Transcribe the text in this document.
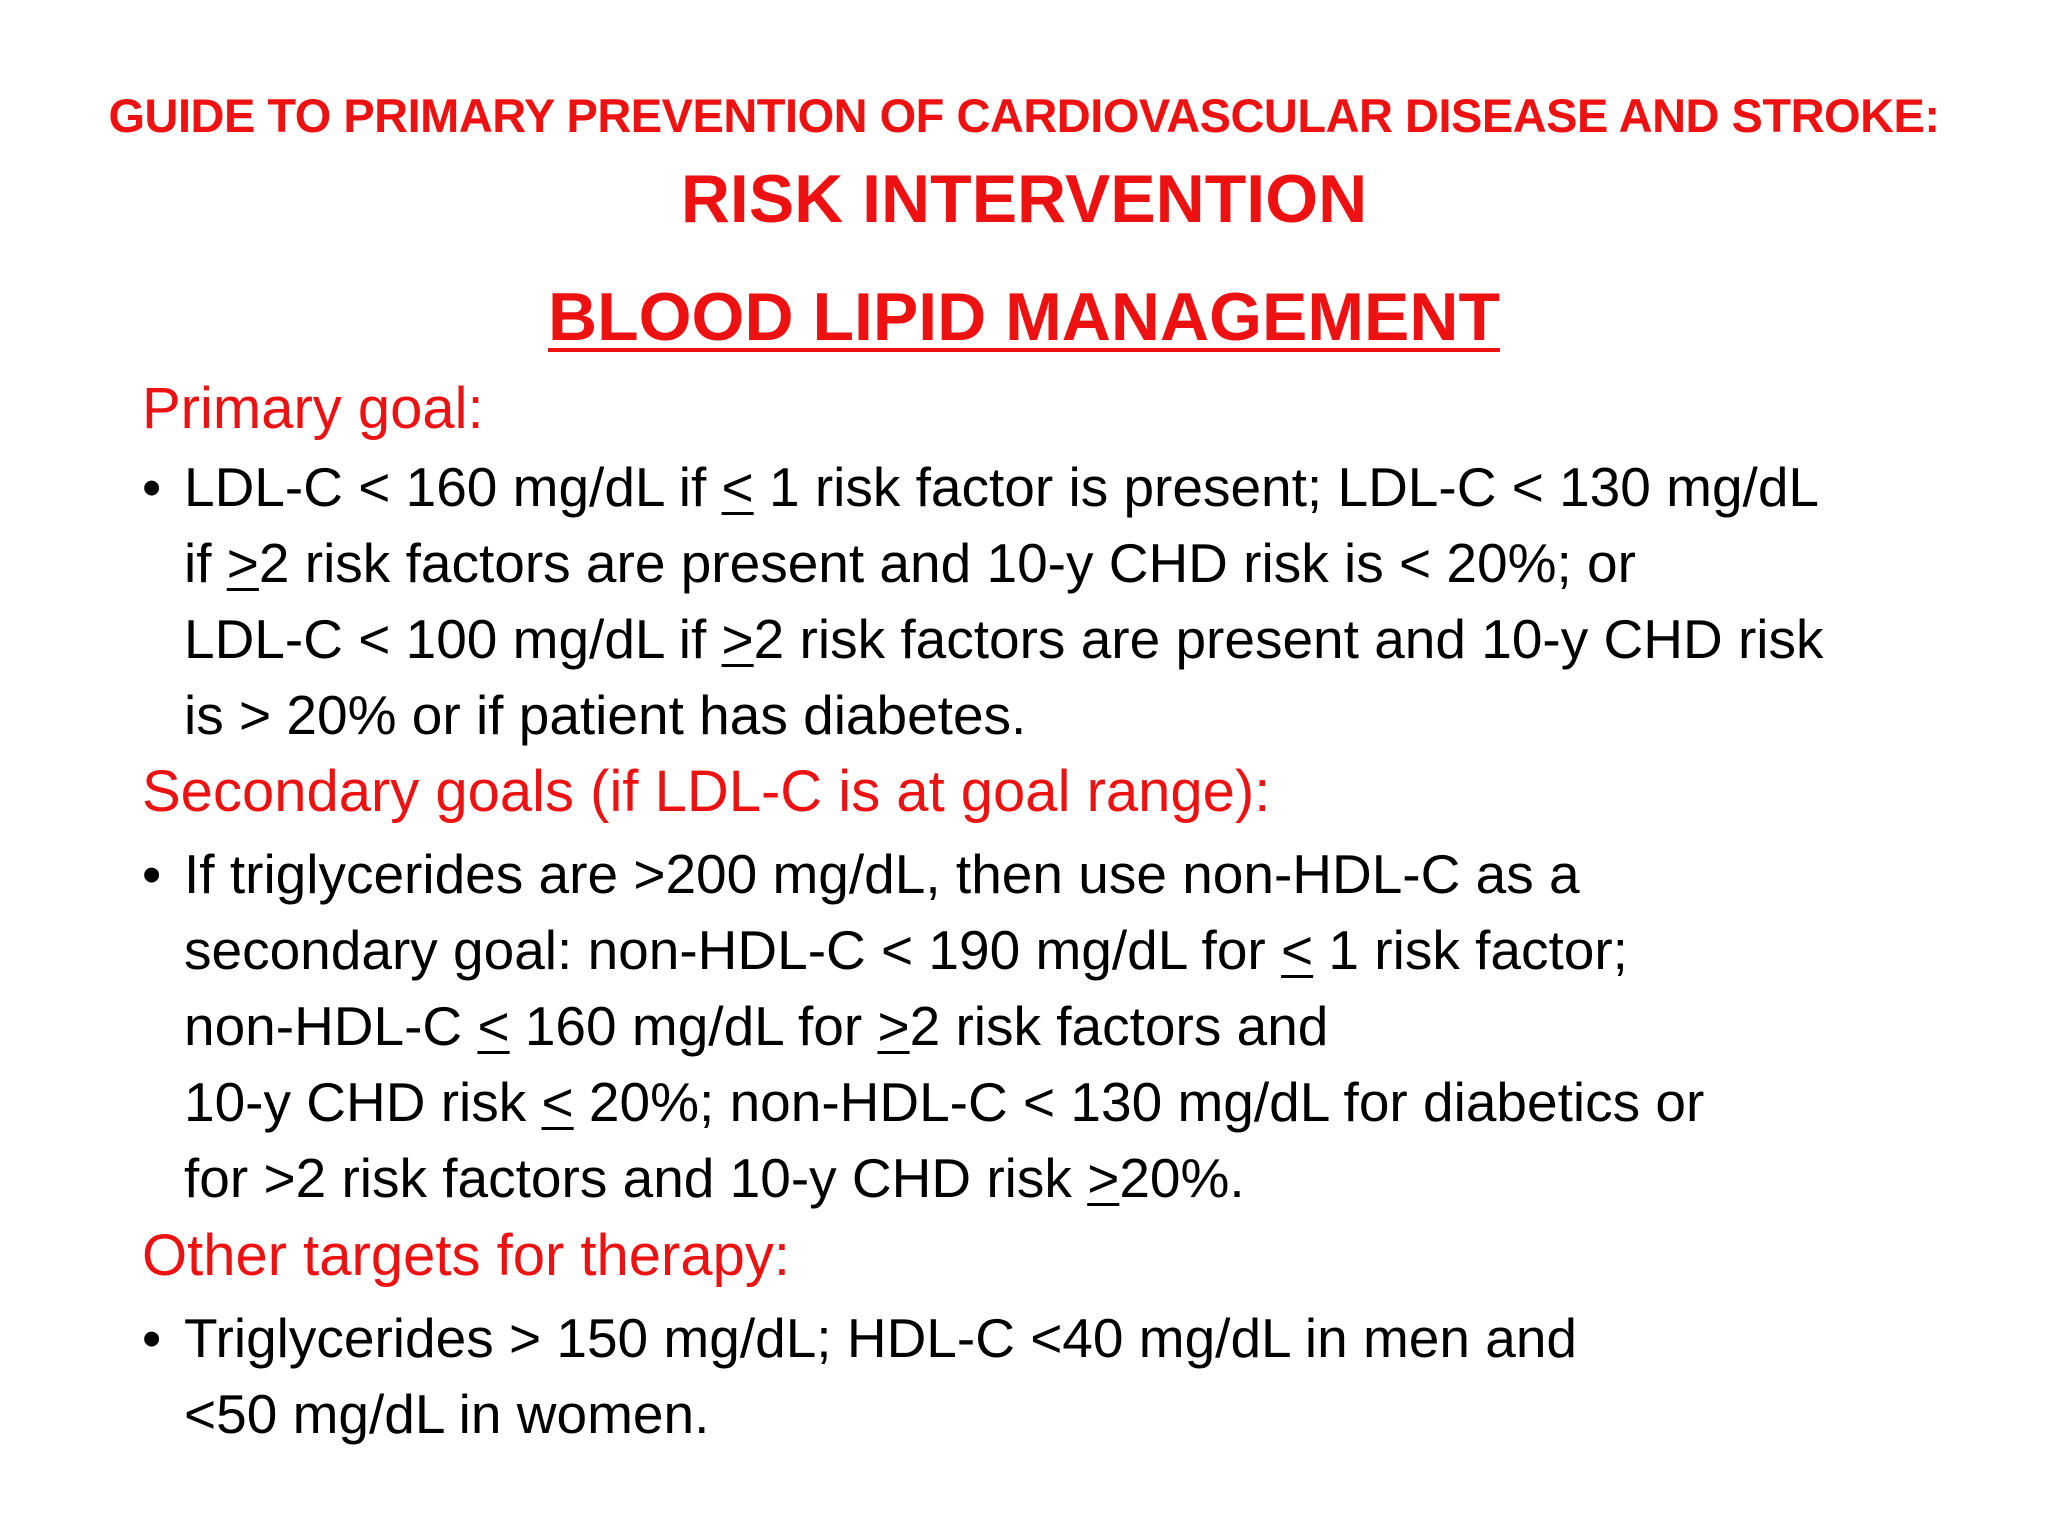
GUIDE TO PRIMARY PREVENTION OF CARDIOVASCULAR DISEASE AND STROKE:
RISK INTERVENTION
BLOOD LIPID MANAGEMENT
Primary goal:
• LDL-C < 160 mg/dL if < 1 risk factor is present; LDL-C < 130 mg/dL
if >2 risk factors are present and 10-y CHD risk is < 20%; or
LDL-C < 100 mg/dL if >2 risk factors are present and 10-y CHD risk
is > 20% or if patient has diabetes.
Secondary goals (if LDL-C is at goal range):
• If triglycerides are >200 mg/dL, then use non-HDL-C as a
secondary goal: non-HDL-C < 190 mg/dL for < 1 risk factor;
non-HDL-C < 160 mg/dL for >2 risk factors and
10-y CHD risk < 20%; non-HDL-C < 130 mg/dL for diabetics or
for >2 risk factors and 10-y CHD risk >20%.
Other targets for therapy:
• Triglycerides > 150 mg/dL; HDL-C <40 mg/dL in men and
<50 mg/dL in women.
